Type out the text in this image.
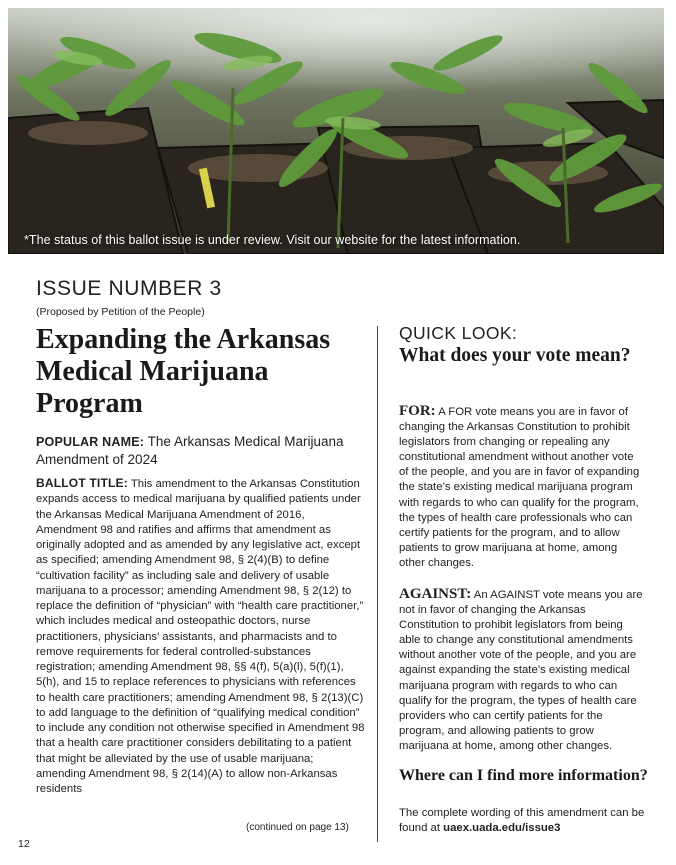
*The status of this ballot issue is under review. Visit our website for the latest information.
ISSUE NUMBER 3
(Proposed by Petition of the People)
Expanding the Arkansas Medical Marijuana Program
POPULAR NAME: The Arkansas Medical Marijuana Amendment of 2024
BALLOT TITLE: This amendment to the Arkansas Constitution expands access to medical marijuana by qualified patients under the Arkansas Medical Marijuana Amendment of 2016, Amendment 98 and ratifies and affirms that amendment as originally adopted and as amended by any legislative act, except as specified; amending Amendment 98, § 2(4)(B) to define “cultivation facility” as including sale and delivery of usable marijuana to a processor; amending Amendment 98, § 2(12) to replace the definition of “physician” with “health care practitioner,” which includes medical and osteopathic doctors, nurse practitioners, physicians’ assistants, and pharmacists and to remove requirements for federal controlled-substances registration; amending Amendment 98, §§ 4(f), 5(a)(l), 5(f)(1), 5(h), and 15 to replace references to physicians with references to health care practitioners; amending Amendment 98, § 2(13)(C) to add language to the definition of “qualifying medical condition” to include any condition not otherwise specified in Amendment 98 that a health care practitioner considers debilitating to a patient that might be alleviated by the use of usable marijuana; amending Amendment 98, § 2(14)(A) to allow non-Arkansas residents
(continued on page 13)
12
QUICK LOOK:
What does your vote mean?

FOR: A FOR vote means you are in favor of changing the Arkansas Constitution to prohibit legislators from changing or repealing any constitutional amendment without another vote of the people, and you are in favor of expanding the state’s existing medical marijuana program with regards to who can qualify for the program, the types of health care professionals who can certify patients for the program, and to allow patients to grow marijuana at home, among other changes.

AGAINST: An AGAINST vote means you are not in favor of changing the Arkansas Constitution to prohibit legislators from being able to change any constitutional amendments without another vote of the people, and you are against expanding the state’s existing medical marijuana program with regards to who can qualify for the program, the types of health care providers who can certify patients for the program, and allowing patients to grow marijuana at home, among other changes.

Where can I find more information?
The complete wording of this amendment can be found at uaex.uada.edu/issue3
